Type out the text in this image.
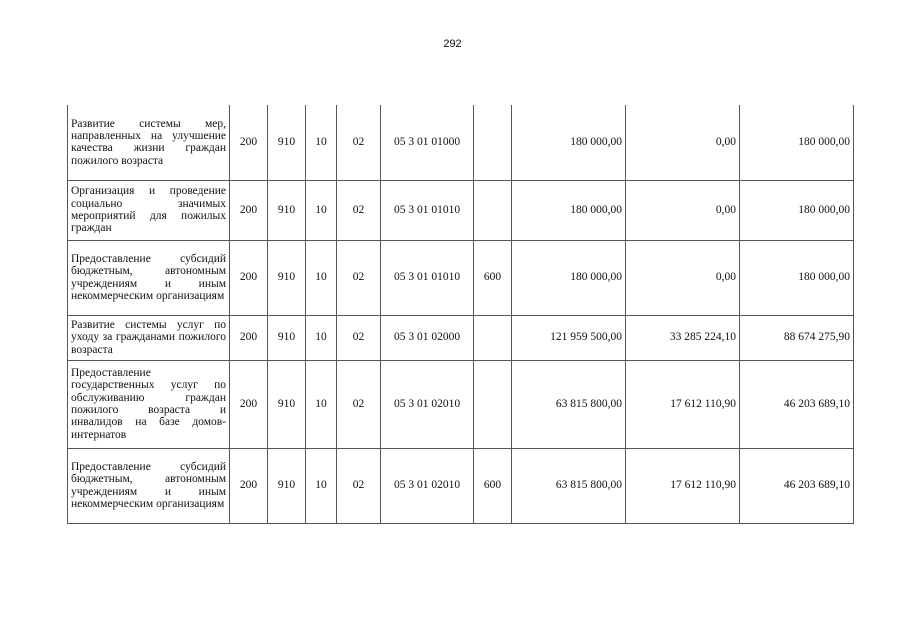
292
Развитие системы мер, направленных на улучшение качества жизни граждан пожилого возраста	200	910	10	02	05 3 01 01000		180 000,00	0,00	180 000,00
Организация и проведение социально значимых мероприятий для пожилых граждан	200	910	10	02	05 3 01 01010		180 000,00	0,00	180 000,00
Предоставление субсидий бюджетным, автономным учреждениям и иным некоммерческим организациям	200	910	10	02	05 3 01 01010	600	180 000,00	0,00	180 000,00
Развитие системы услуг по уходу за гражданами пожилого возраста	200	910	10	02	05 3 01 02000		121 959 500,00	33 285 224,10	88 674 275,90
Предоставление государственных услуг по обслуживанию граждан пожилого возраста и инвалидов на базе домов-интернатов	200	910	10	02	05 3 01 02010		63 815 800,00	17 612 110,90	46 203 689,10
Предоставление субсидий бюджетным, автономным учреждениям и иным некоммерческим организациям	200	910	10	02	05 3 01 02010	600	63 815 800,00	17 612 110,90	46 203 689,10
